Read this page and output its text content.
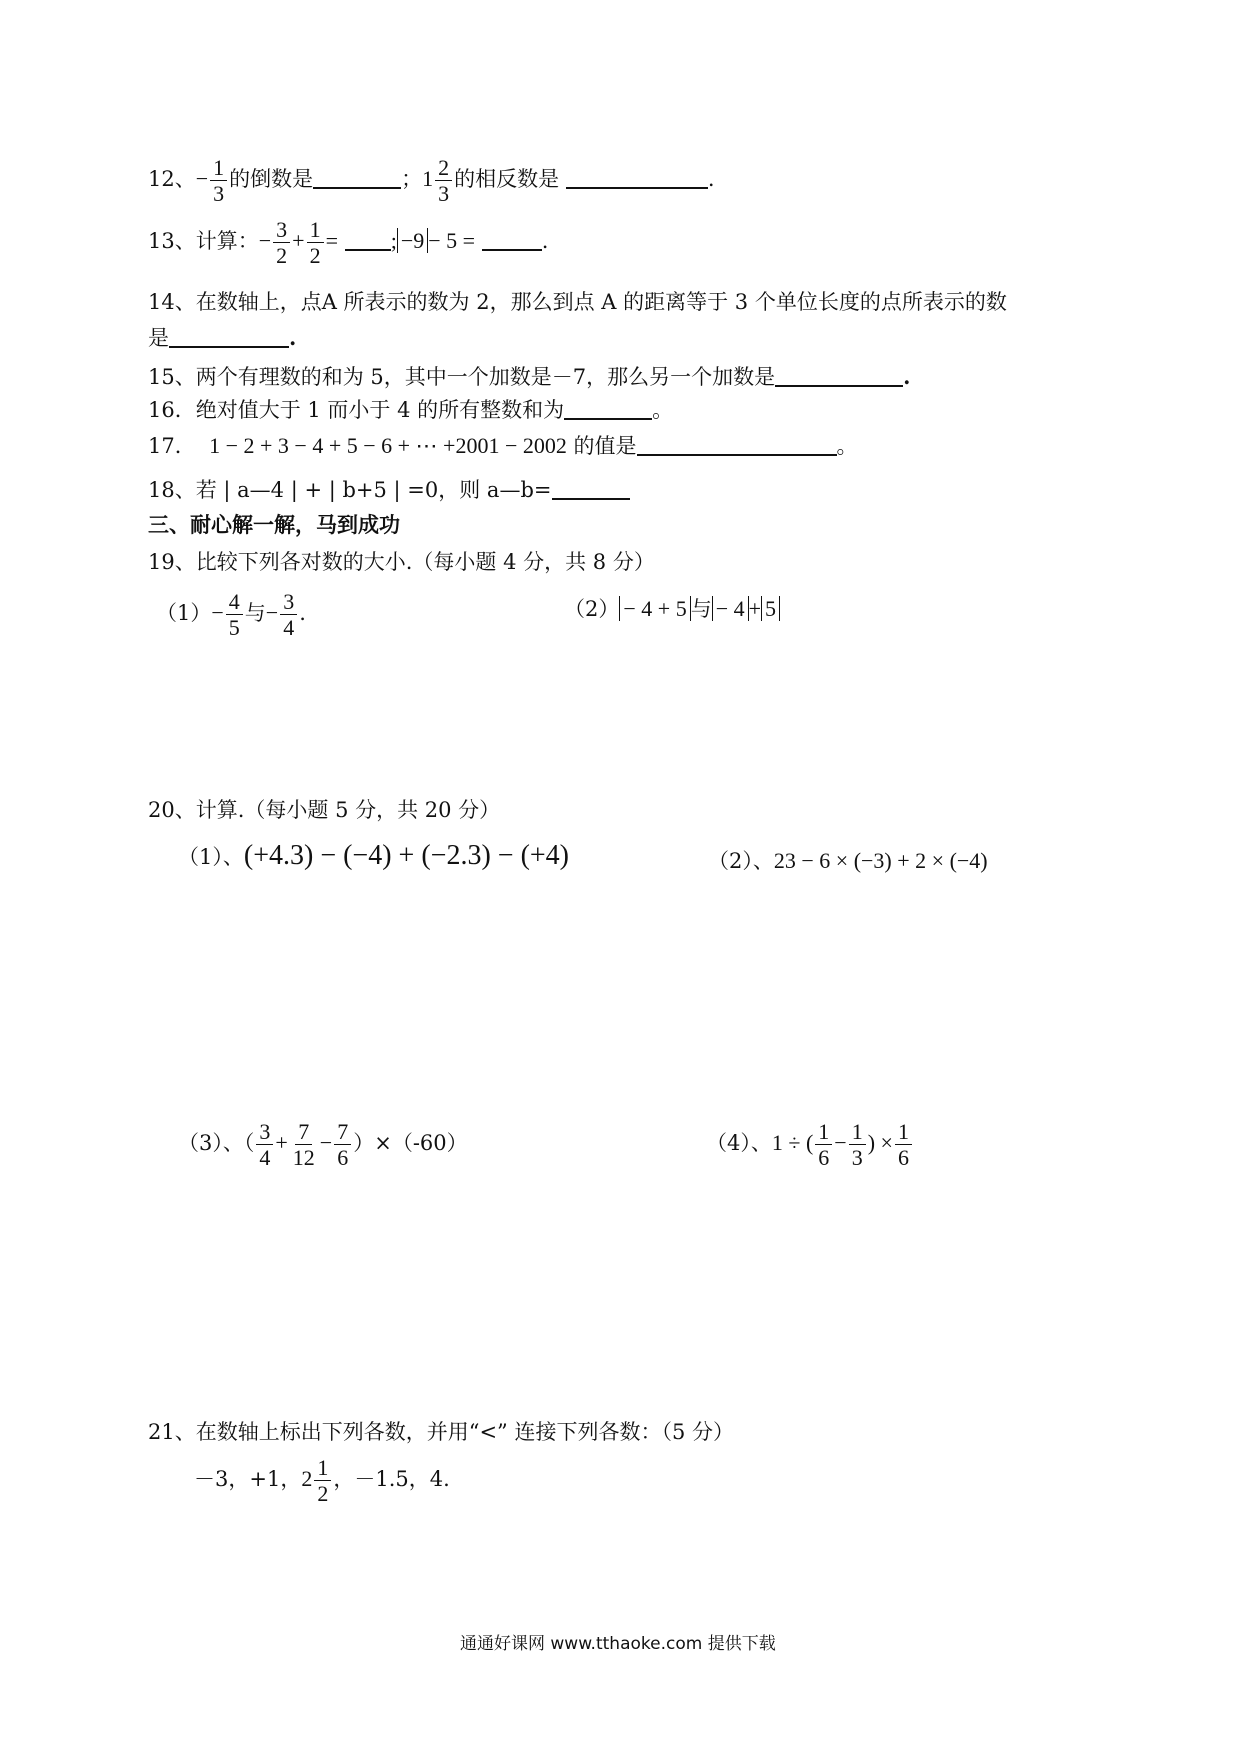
12、− $\frac{1}{3}$ 的倒数是	；$1 \frac{2}{3}$ 的相反数是	.
13、计算：− $\frac{3}{2} + \frac{1}{2}$ = ; −9 − 5 =	.
14、在数轴上，点A 所表示的数为 2，那么到点 A 的距离等于 3 个单位长度的点所表示的数
是	.
15、两个有理数的和为 5，其中一个加数是－7，那么另一个加数是	.
16．绝对值大于 1 而小于 4 的所有整数和为	。
17． 1 − 2 + 3 − 4 + 5 − 6 + ⋯ +2001 − 2002 的值是	。
18、若 | a—4 | + | b+5 | =0，则 a—b=
三、耐心解一解，马到成功
19、比较下列各对数的大小.（每小题 4 分，共 8 分）
$(1)- \frac{4}{5}$ 与− $\frac{3}{4}$ .	（2） − 4 + 5 与 − 4 + 5
20、计算.（每小题 5 分，共 20 分）
（1）、(+4.3) − (−4) + (−2.3) − (+4)	（2）、23 − 6 × (−3) + 2 × (−4)
（3）、（ $\frac{3}{4} + \frac{7}{12} - \frac{7}{6} )\times(-60)$	（4）、1 ÷ ( $\frac{1}{6} - \frac{1}{3}$ ) × $\frac{1}{6}$
21、在数轴上标出下列各数，并用“<” 连接下列各数：（5 分）
－3，+1，$2 \frac{1}{2}$ ，－1.5，4.
通通好课网 www.tthaoke.com 提供下载
